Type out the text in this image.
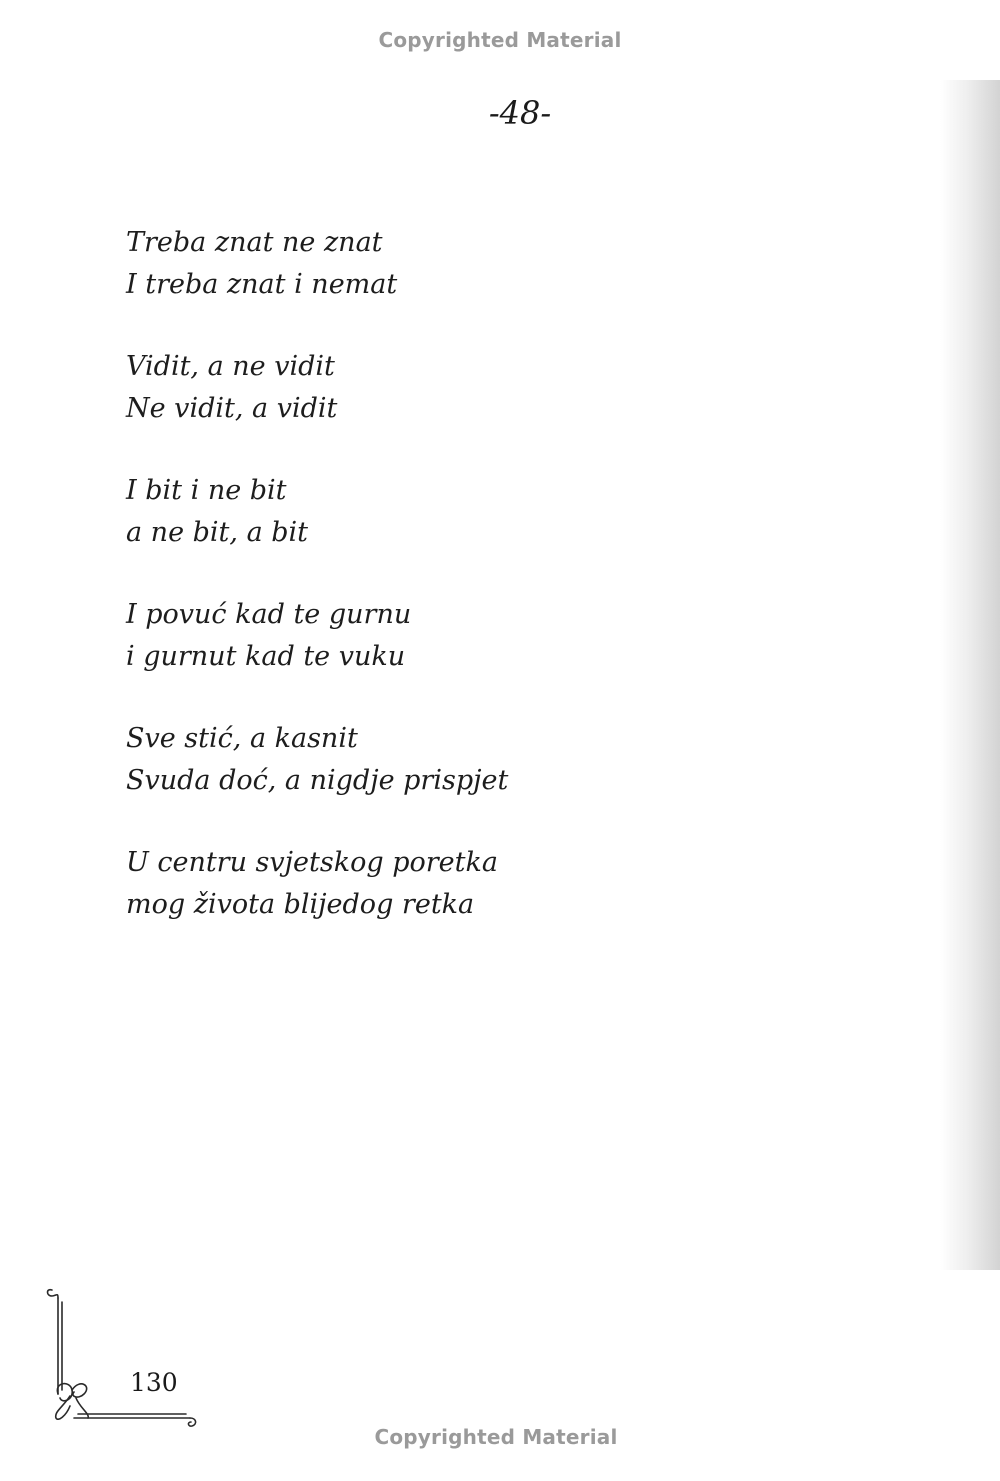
Copyrighted Material
-48-
Treba znat ne znat
I treba znat i nemat
Vidit, a ne vidit
Ne vidit, a vidit
I bit i ne bit
a ne bit, a bit
I povuć kad te gurnu
i gurnut kad te vuku
Sve stić, a kasnit
Svuda doć, a nigdje prispjet
U centru svjetskog poretka
mog života blijedog retka
130
Copyrighted Material
